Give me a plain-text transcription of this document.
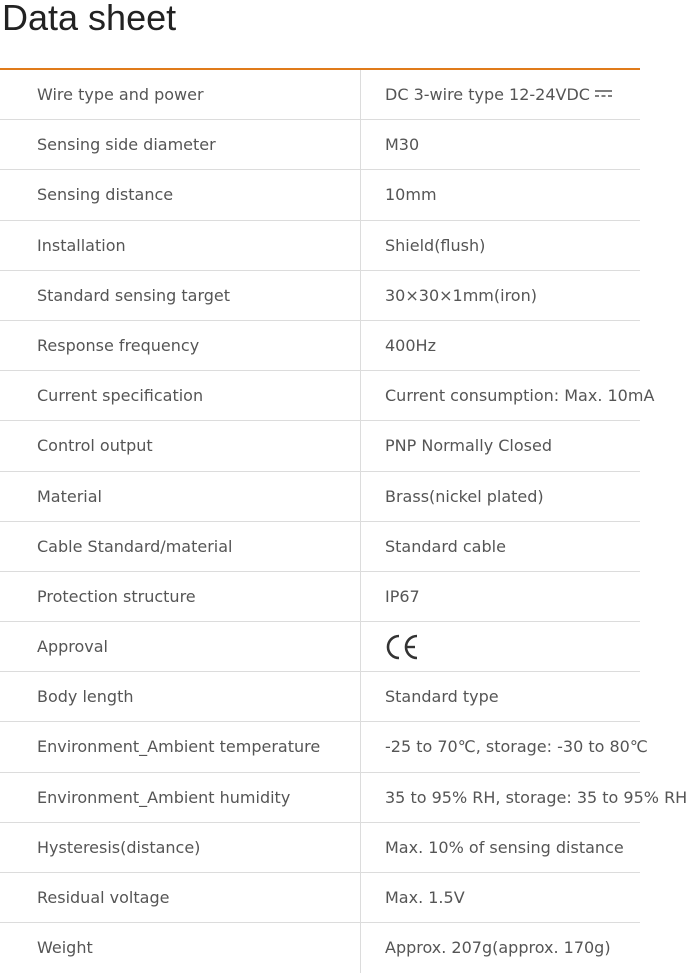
Data sheet
Wire type and power	DC 3-wire type 12-24VDC
Sensing side diameter	M30
Sensing distance	10mm
Installation	Shield(flush)
Standard sensing target	30×30×1mm(iron)
Response frequency	400Hz
Current specification	Current consumption: Max. 10mA
Control output	PNP Normally Closed
Material	Brass(nickel plated)
Cable Standard/material	Standard cable
Protection structure	IP67
Approval
Body length	Standard type
Environment_Ambient temperature	-25 to 70℃, storage: -30 to 80℃
Environment_Ambient humidity	35 to 95% RH, storage: 35 to 95% RH
Hysteresis(distance)	Max. 10% of sensing distance
Residual voltage	Max. 1.5V
Weight	Approx. 207g(approx. 170g)
